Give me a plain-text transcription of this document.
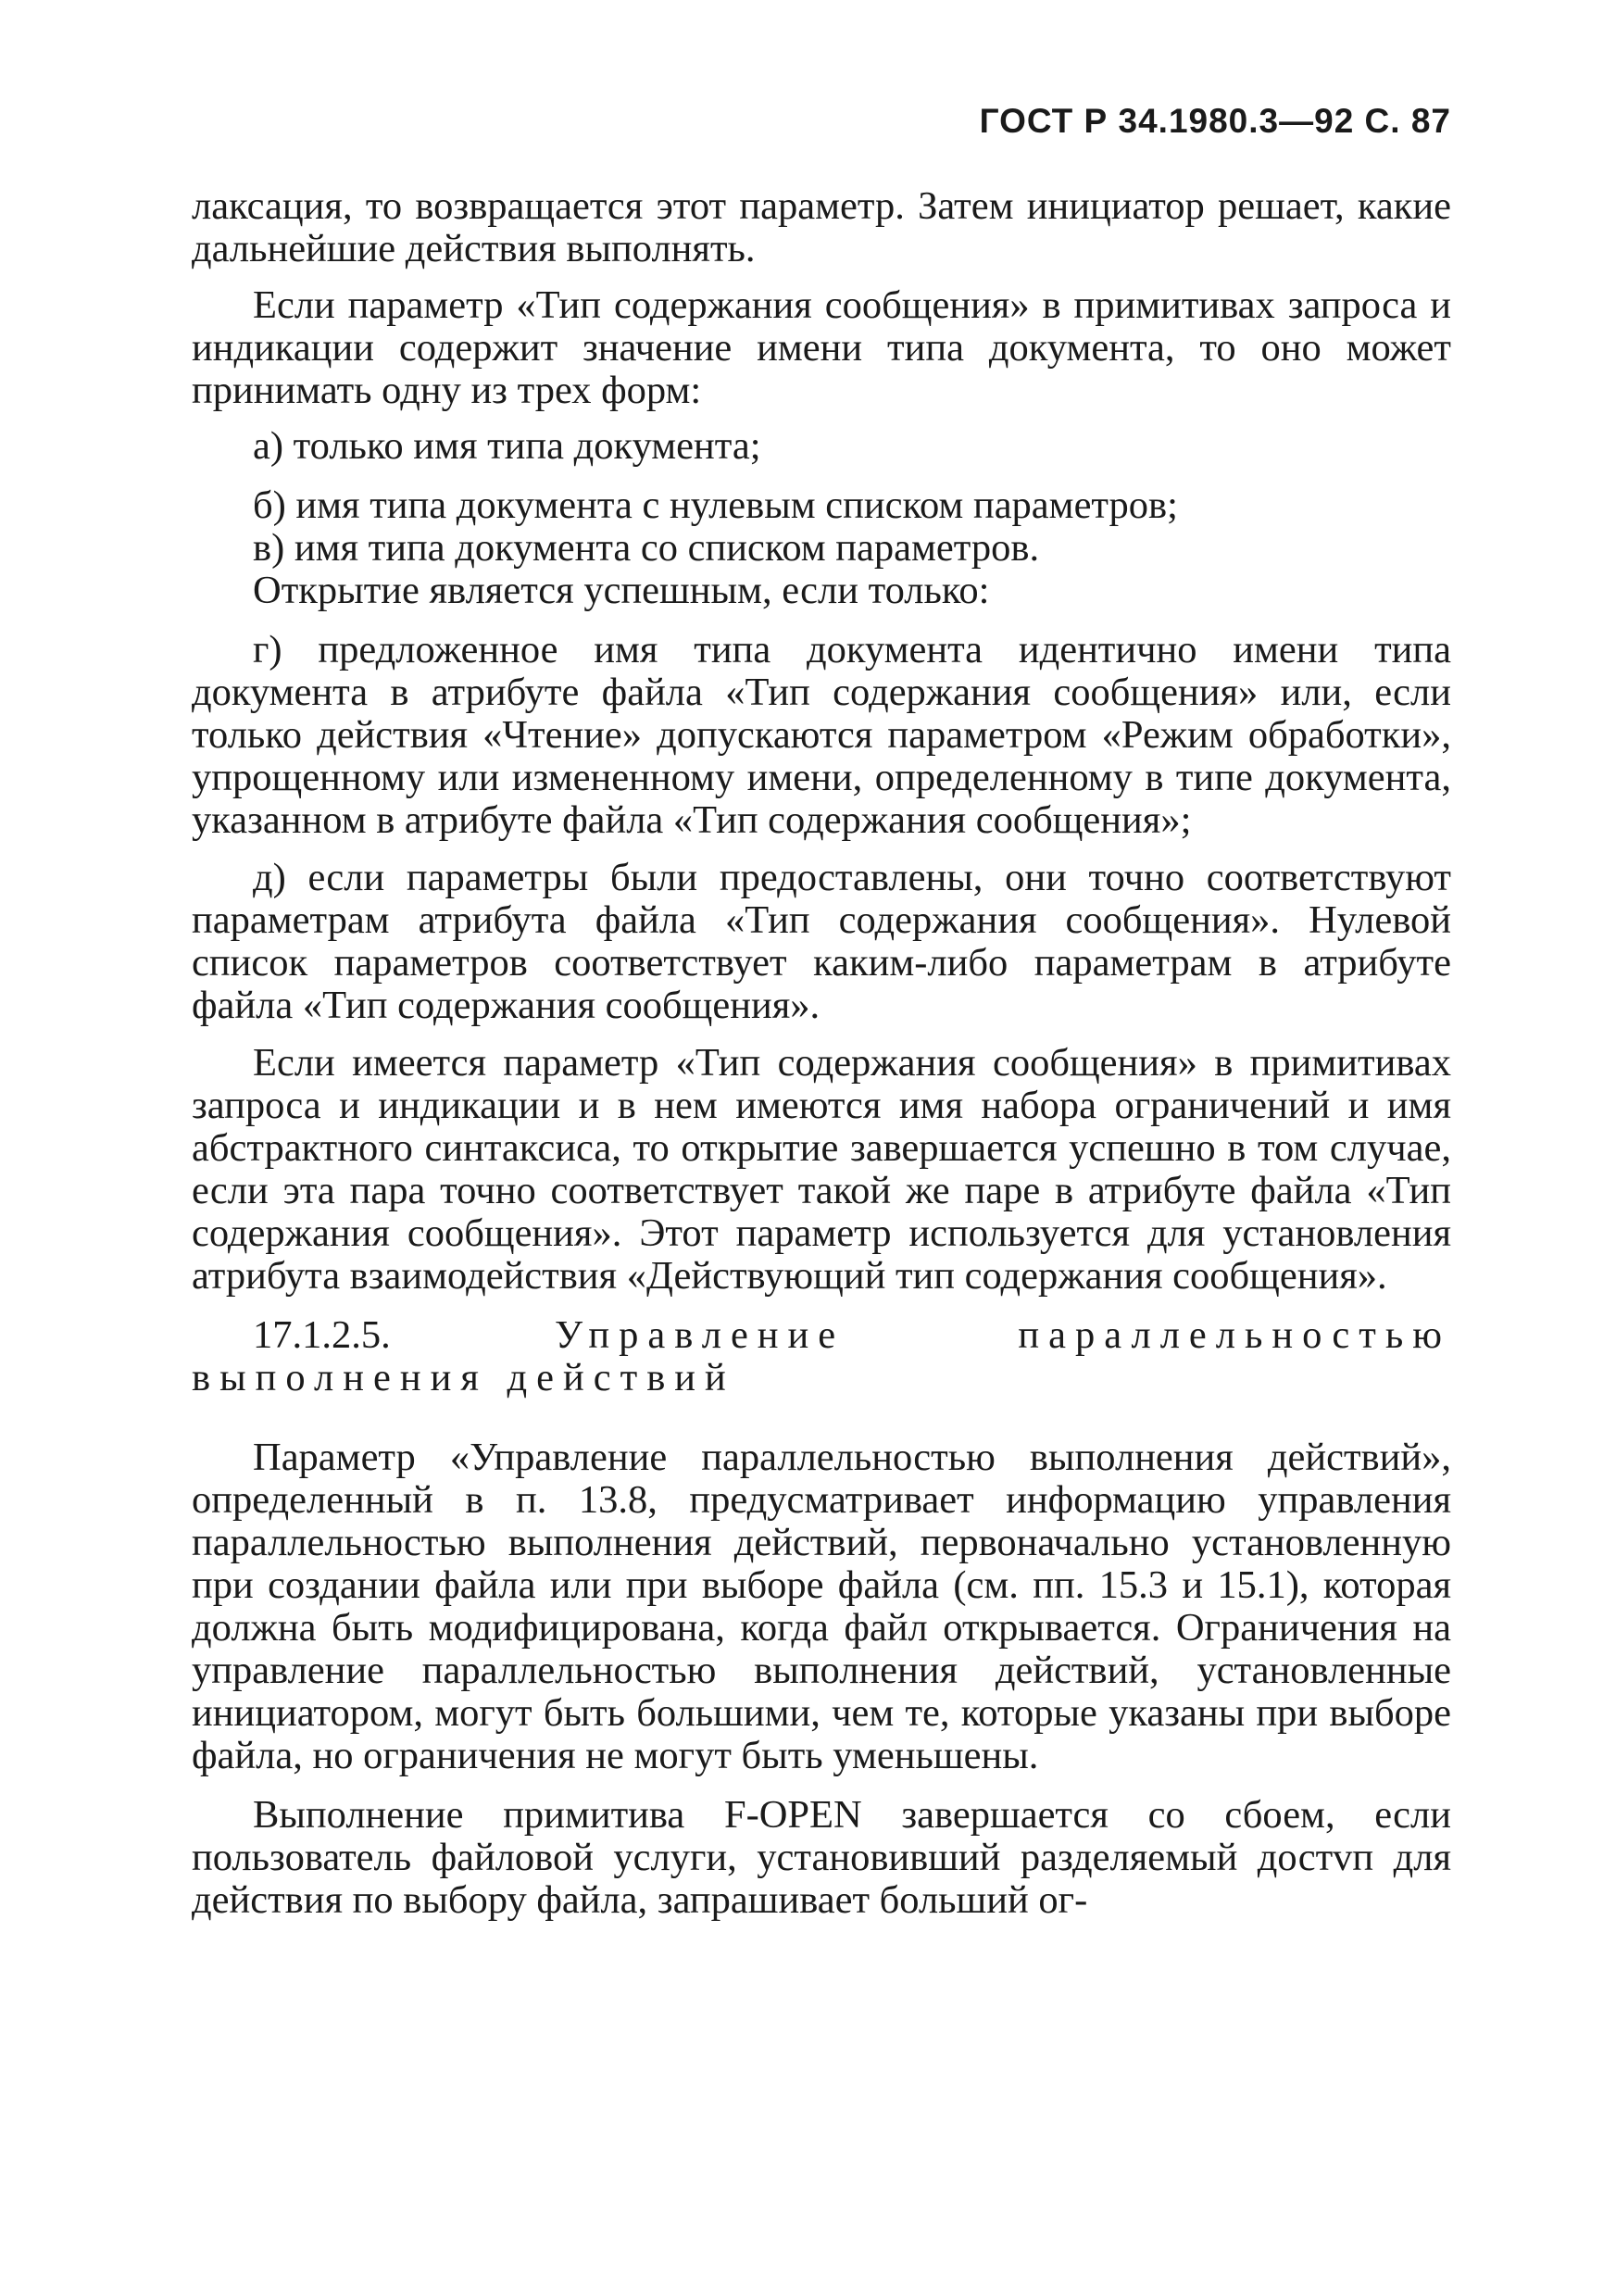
ГОСТ Р 34.1980.3—92 С. 87

лаксация, то возвращается этот параметр. Затем инициатор решает, какие дальнейшие действия выполнять.

Если параметр «Тип содержания сообщения» в примитивах запроса и индикации содержит значение имени типа документа, то оно может принимать одну из трех форм:

а) только имя типа документа;

б) имя типа документа с нулевым списком параметров;

в) имя типа документа со списком параметров.

Открытие является успешным, если только:

г) предложенное имя типа документа идентично имени типа документа в атрибуте файла «Тип содержания сообщения» или, если только действия «Чтение» допускаются параметром «Режим обработки», упрощенному или измененному имени, определенному в типе документа, указанном в атрибуте файла «Тип содержания сообщения»;

д) если параметры были предоставлены, они точно соответствуют параметрам атрибута файла «Тип содержания сообщения». Нулевой список параметров соответствует каким-либо параметрам в атрибуте файла «Тип содержания сообщения».

Если имеется параметр «Тип содержания сообщения» в примитивах запроса и индикации и в нем имеются имя набора ограничений и имя абстрактного синтаксиса, то открытие завершается успешно в том случае, если эта пара точно соответствует такой же паре в атрибуте файла «Тип содержания сообщения». Этот параметр используется для установления атрибута взаимодействия «Действующий тип содержания сообщения».

17.1.2.5.	Управление параллельностью выполнения действий

Параметр «Управление параллельностью выполнения действий», определенный в п. 13.8, предусматривает информацию управления параллельностью выполнения действий, первоначально установленную при создании файла или при выборе файла (см. пп. 15.3 и 15.1), которая должна быть модифицирована, когда файл открывается. Ограничения на управление параллельностью выполнения действий, установленные инициатором, могут быть большими, чем те, которые указаны при выборе файла, но ограничения не могут быть уменьшены.

Выполнение примитива F-OPEN завершается со сбоем, если пользователь файловой услуги, установивший разделяемый достvп для действия по выбору файла, запрашивает больший ог-
